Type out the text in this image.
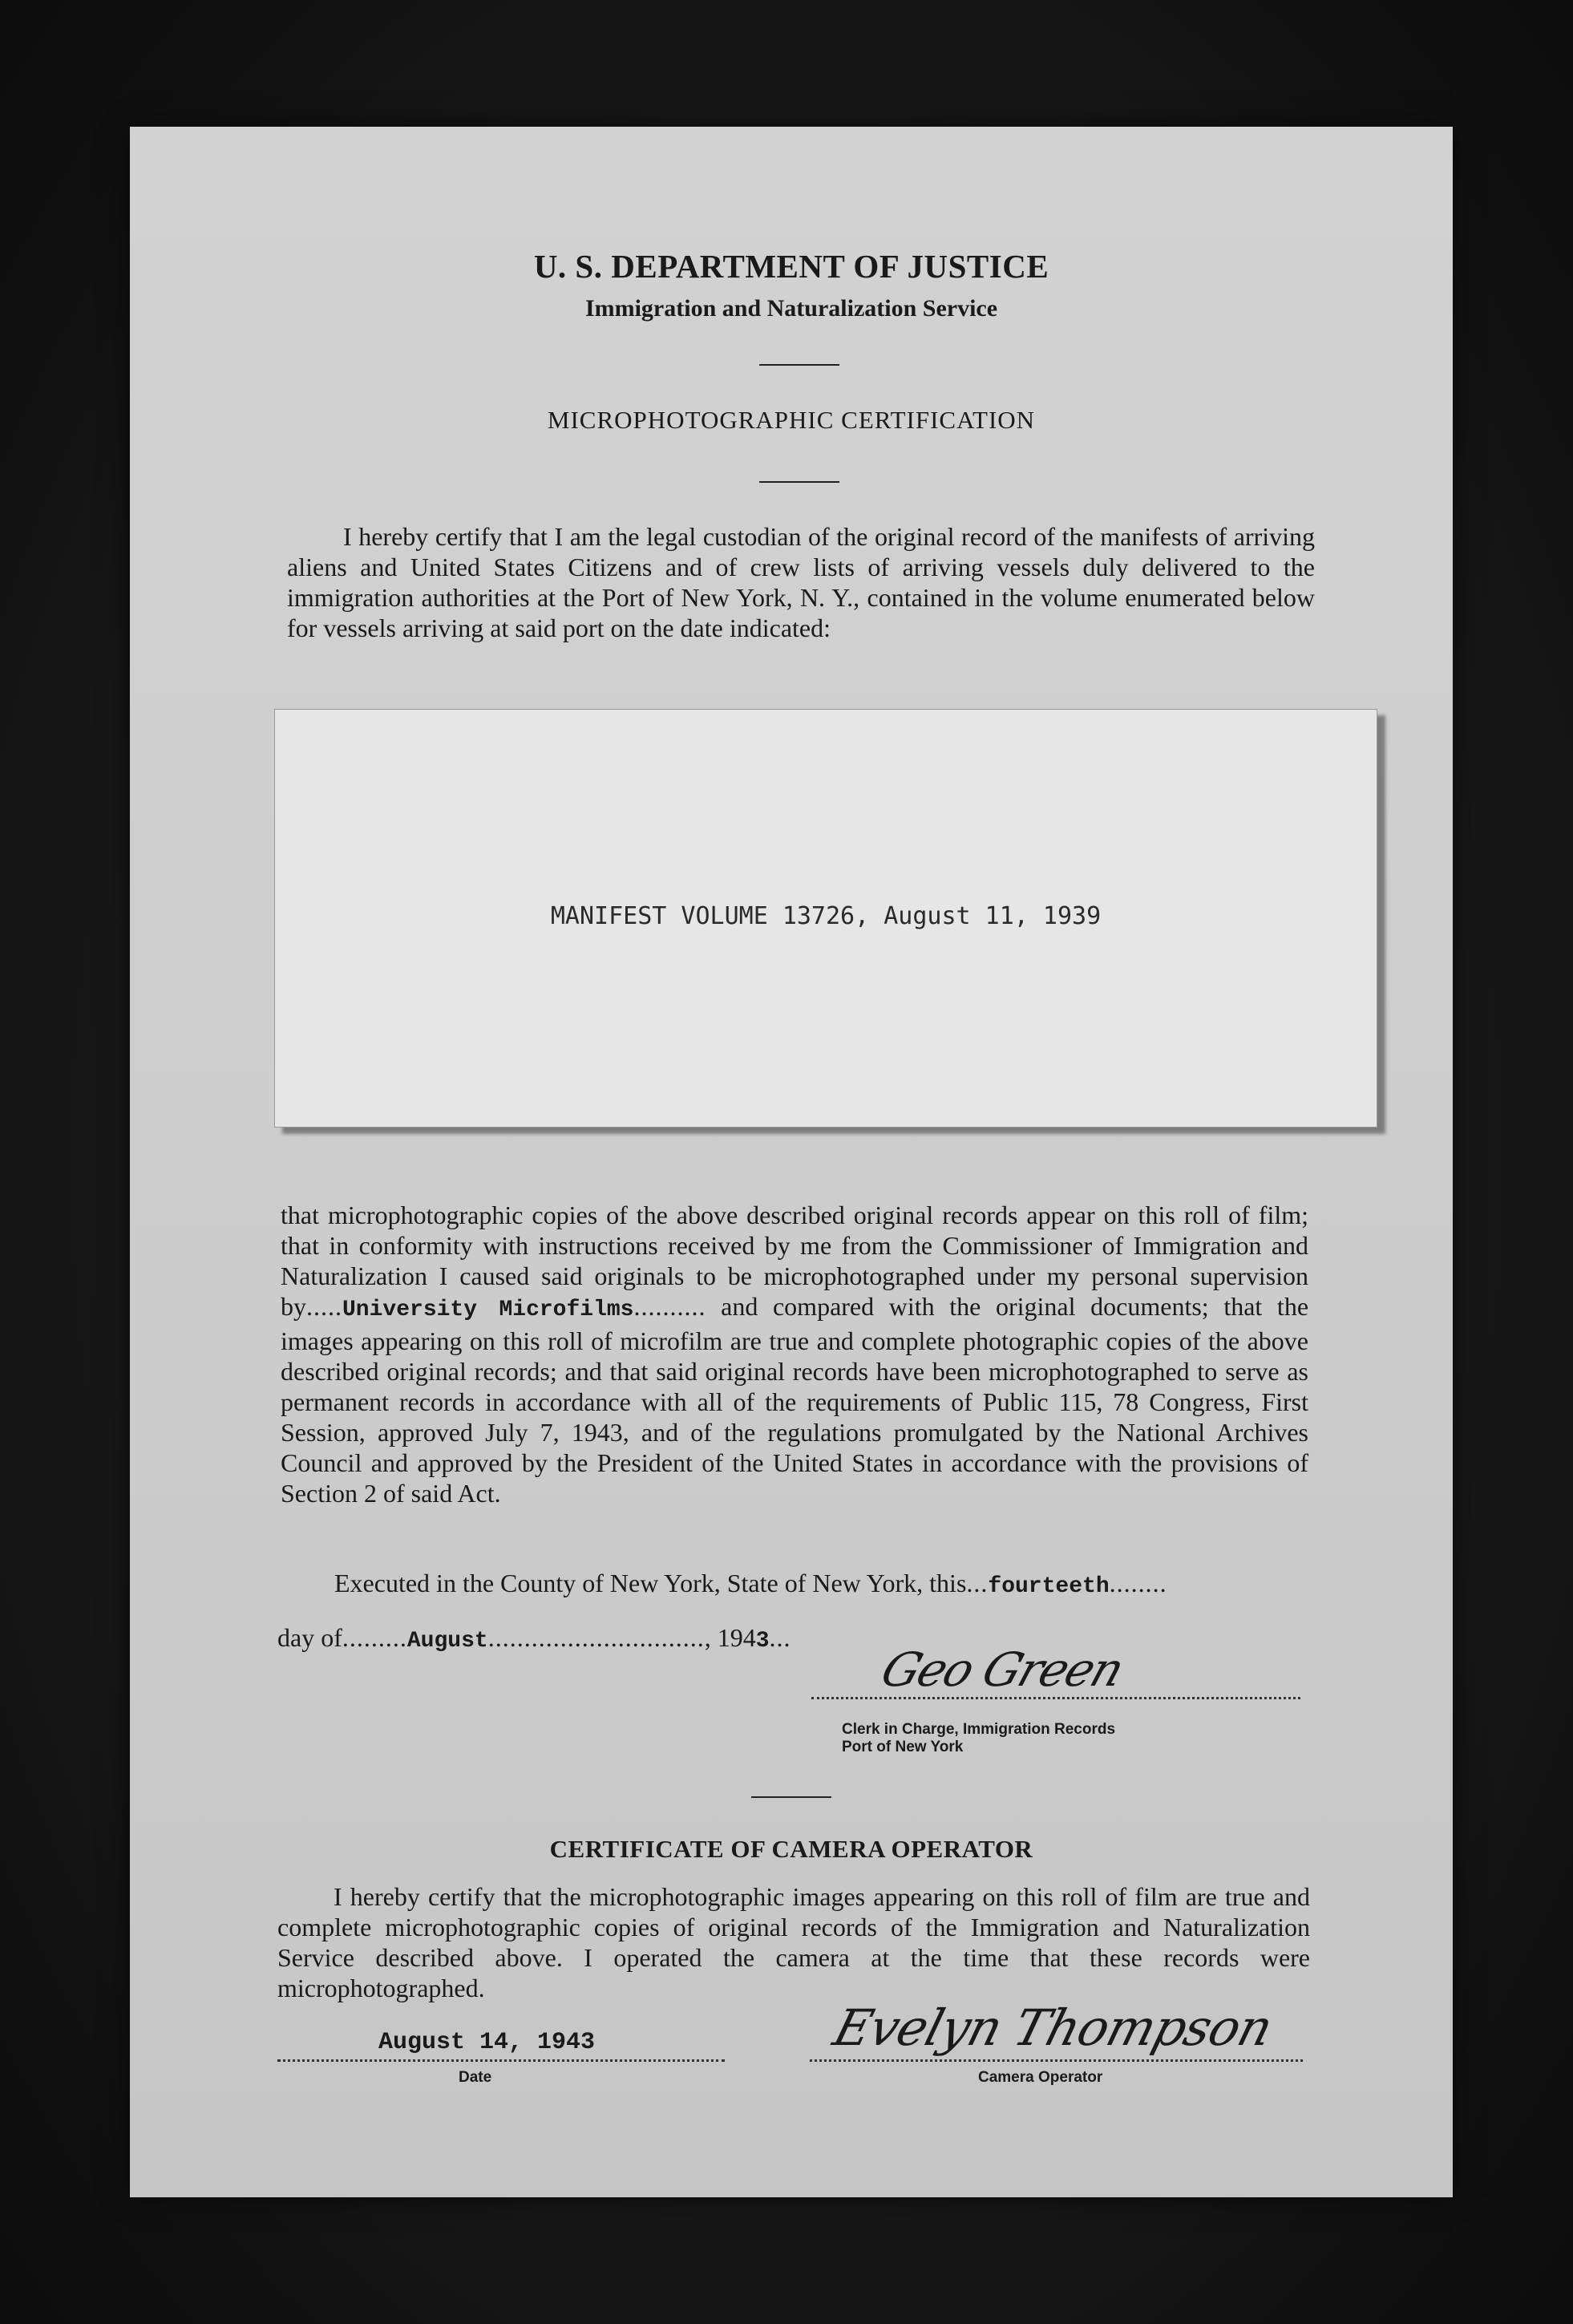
U. S. DEPARTMENT OF JUSTICE
Immigration and Naturalization Service
MICROPHOTOGRAPHIC CERTIFICATION
I hereby certify that I am the legal custodian of the original record of the manifests of arriving aliens and United States Citizens and of crew lists of arriving vessels duly delivered to the immigration authorities at the Port of New York, N. Y., contained in the volume enumerated below for vessels arriving at said port on the date indicated:
MANIFEST VOLUME 13726, August 11, 1939

that microphotographic copies of the above described original records appear on this roll of film; that in conformity with instructions received by me from the Commissioner of Immigration and Naturalization I caused said originals to be microphotographed under my personal supervision by.....University Microfilms.......... and compared with the original documents; that the images appearing on this roll of microfilm are true and complete photographic copies of the above described original records; and that said original records have been microphotographed to serve as permanent records in accordance with all of the requirements of Public 115, 78 Congress, First Session, approved July 7, 1943, and of the regulations promulgated by the National Archives Council and approved by the President of the United States in accordance with the provisions of Section 2 of said Act.

Executed in the County of New York, State of New York, this...fourteeth........
day of.........August.............................., 1943...
Geo Green
Clerk in Charge, Immigration Records
Port of New York
CERTIFICATE OF CAMERA OPERATOR
I hereby certify that the microphotographic images appearing on this roll of film are true and complete microphotographic copies of original records of the Immigration and Naturalization Service described above. I operated the camera at the time that these records were microphotographed.
August 14, 1943
Date
Evelyn Thompson
Camera Operator
